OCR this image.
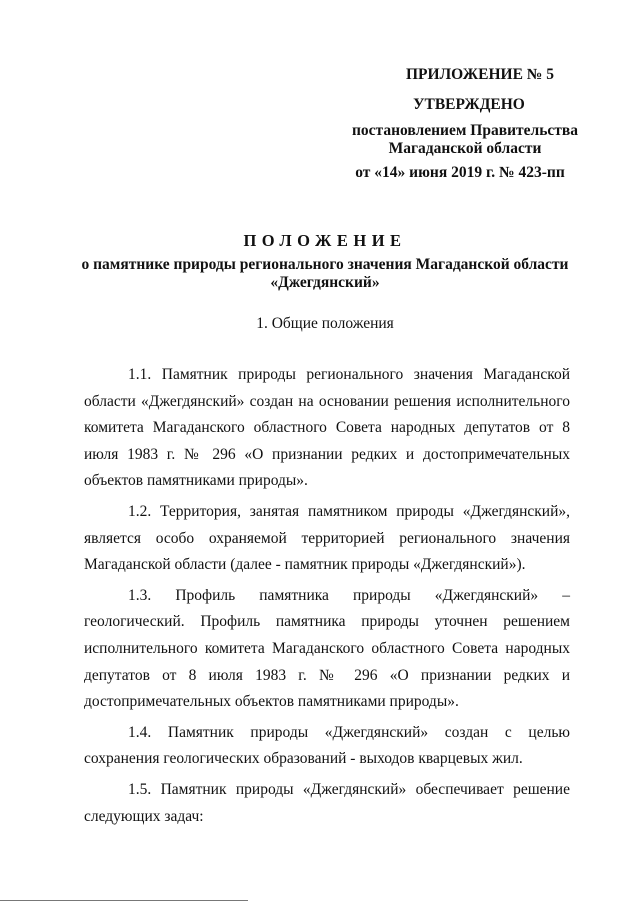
ПРИЛОЖЕНИЕ № 5
УТВЕРЖДЕНО
постановлением Правительства
Магаданской области
от «14» июня 2019 г. № 423-пп
ПОЛОЖЕНИЕ
о памятнике природы регионального значения Магаданской области
«Джегдянский»
1. Общие положения

1.1. Памятник природы регионального значения Магаданской области «Джегдянский» создан на основании решения исполнительного комитета Магаданского областного Совета народных депутатов от 8 июля 1983 г. № 296 «О признании редких и достопримечательных объектов памятниками природы».

1.2. Территория, занятая памятником природы «Джегдянский», является особо охраняемой территорией регионального значения Магаданской области (далее - памятник природы «Джегдянский»).

1.3. Профиль памятника природы «Джегдянский» – геологический. Профиль памятника природы уточнен решением исполнительного комитета Магаданского областного Совета народных депутатов от 8 июля 1983 г. № 296 «О признании редких и достопримечательных объектов памятниками природы».

1.4. Памятник природы «Джегдянский» создан с целью сохранения геологических образований - выходов кварцевых жил.

1.5. Памятник природы «Джегдянский» обеспечивает решение следующих задач:
